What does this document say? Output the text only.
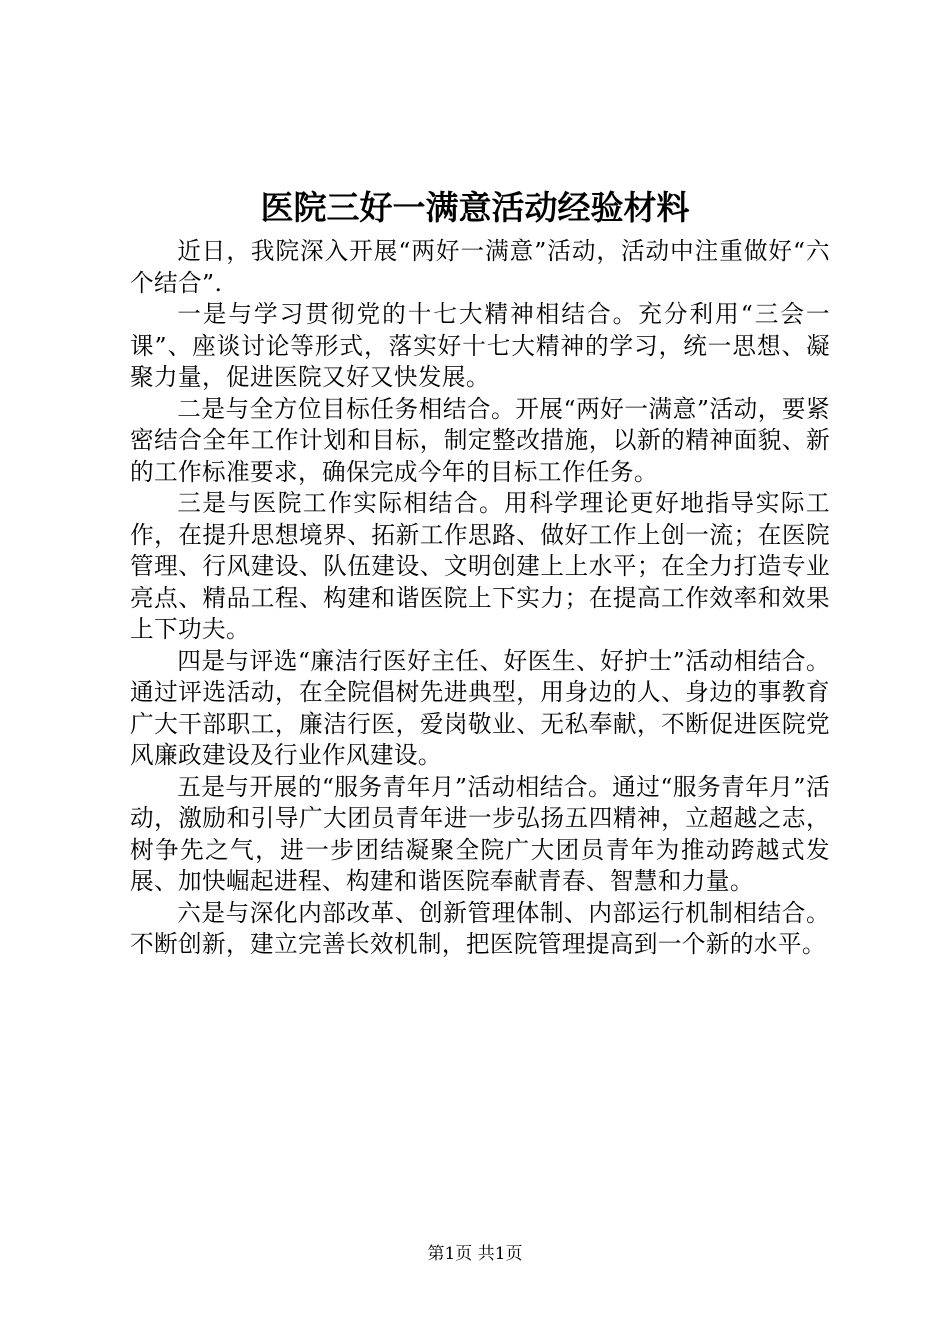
医院三好一满意活动经验材料

近日，我院深入开展“两好一满意”活动，活动中注重做好“六个结合”.

一是与学习贯彻党的十七大精神相结合。充分利用“三会一课”、座谈讨论等形式，落实好十七大精神的学习，统一思想、凝聚力量，促进医院又好又快发展。

二是与全方位目标任务相结合。开展“两好一满意”活动，要紧密结合全年工作计划和目标，制定整改措施，以新的精神面貌、新的工作标准要求，确保完成今年的目标工作任务。

三是与医院工作实际相结合。用科学理论更好地指导实际工作，在提升思想境界、拓新工作思路、做好工作上创一流；在医院管理、行风建设、队伍建设、文明创建上上水平；在全力打造专业亮点、精品工程、构建和谐医院上下实力；在提高工作效率和效果上下功夫。

四是与评选“廉洁行医好主任、好医生、好护士”活动相结合。通过评选活动，在全院倡树先进典型，用身边的人、身边的事教育广大干部职工，廉洁行医，爱岗敬业、无私奉献，不断促进医院党风廉政建设及行业作风建设。

五是与开展的“服务青年月”活动相结合。通过“服务青年月”活动，激励和引导广大团员青年进一步弘扬五四精神，立超越之志，树争先之气，进一步团结凝聚全院广大团员青年为推动跨越式发展、加快崛起进程、构建和谐医院奉献青春、智慧和力量。

六是与深化内部改革、创新管理体制、内部运行机制相结合。不断创新，建立完善长效机制，把医院管理提高到一个新的水平。

第1页 共1页
